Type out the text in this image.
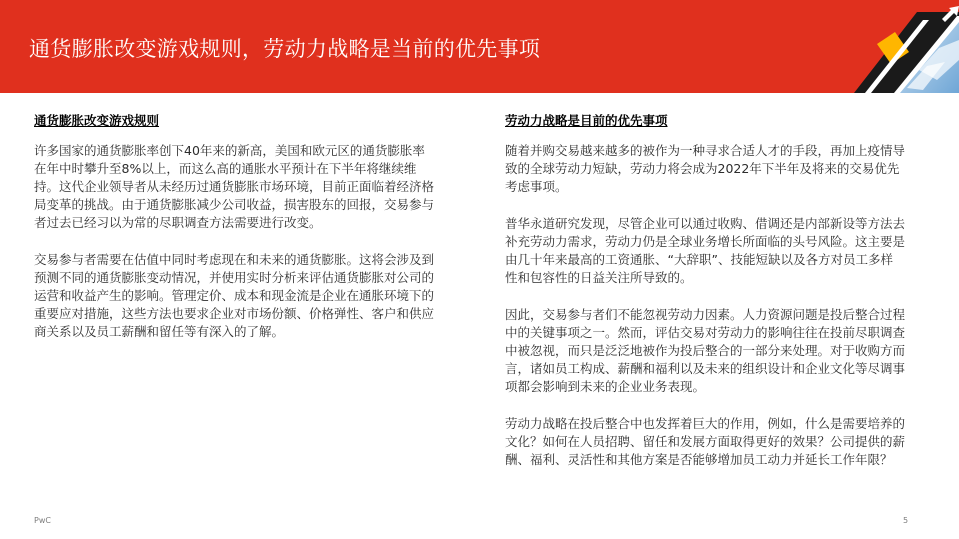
通货膨胀改变游戏规则，劳动力战略是当前的优先事项
通货膨胀改变游戏规则

许多国家的通货膨胀率创下40年来的新高，美国和欧元区的通货膨胀率在年中时攀升至8%以上，而这么高的通胀水平预计在下半年将继续维持。这代企业领导者从未经历过通货膨胀市场环境，目前正面临着经济格局变革的挑战。由于通货膨胀减少公司收益，损害股东的回报，交易参与者过去已经习以为常的尽职调查方法需要进行改变。

交易参与者需要在估值中同时考虑现在和未来的通货膨胀。这将会涉及到预测不同的通货膨胀变动情况，并使用实时分析来评估通货膨胀对公司的运营和收益产生的影响。管理定价、成本和现金流是企业在通胀环境下的重要应对措施，这些方法也要求企业对市场份额、价格弹性、客户和供应商关系以及员工薪酬和留任等有深入的了解。

劳动力战略是目前的优先事项

随着并购交易越来越多的被作为一种寻求合适人才的手段，再加上疫情导致的全球劳动力短缺，劳动力将会成为2022年下半年及将来的交易优先考虑事项。

普华永道研究发现，尽管企业可以通过收购、借调还是内部新设等方法去补充劳动力需求，劳动力仍是全球业务增长所面临的头号风险。这主要是由几十年来最高的工资通胀、“大辞职”、技能短缺以及各方对员工多样性和包容性的日益关注所导致的。

因此，交易参与者们不能忽视劳动力因素。人力资源问题是投后整合过程中的关键事项之一。然而，评估交易对劳动力的影响往往在投前尽职调查中被忽视，而只是泛泛地被作为投后整合的一部分来处理。对于收购方而言，诸如员工构成、薪酬和福利以及未来的组织设计和企业文化等尽调事项都会影响到未来的企业业务表现。

劳动力战略在投后整合中也发挥着巨大的作用，例如，什么是需要培养的文化？如何在人员招聘、留任和发展方面取得更好的效果？公司提供的薪酬、福利、灵活性和其他方案是否能够增加员工动力并延长工作年限？

PwC	5
